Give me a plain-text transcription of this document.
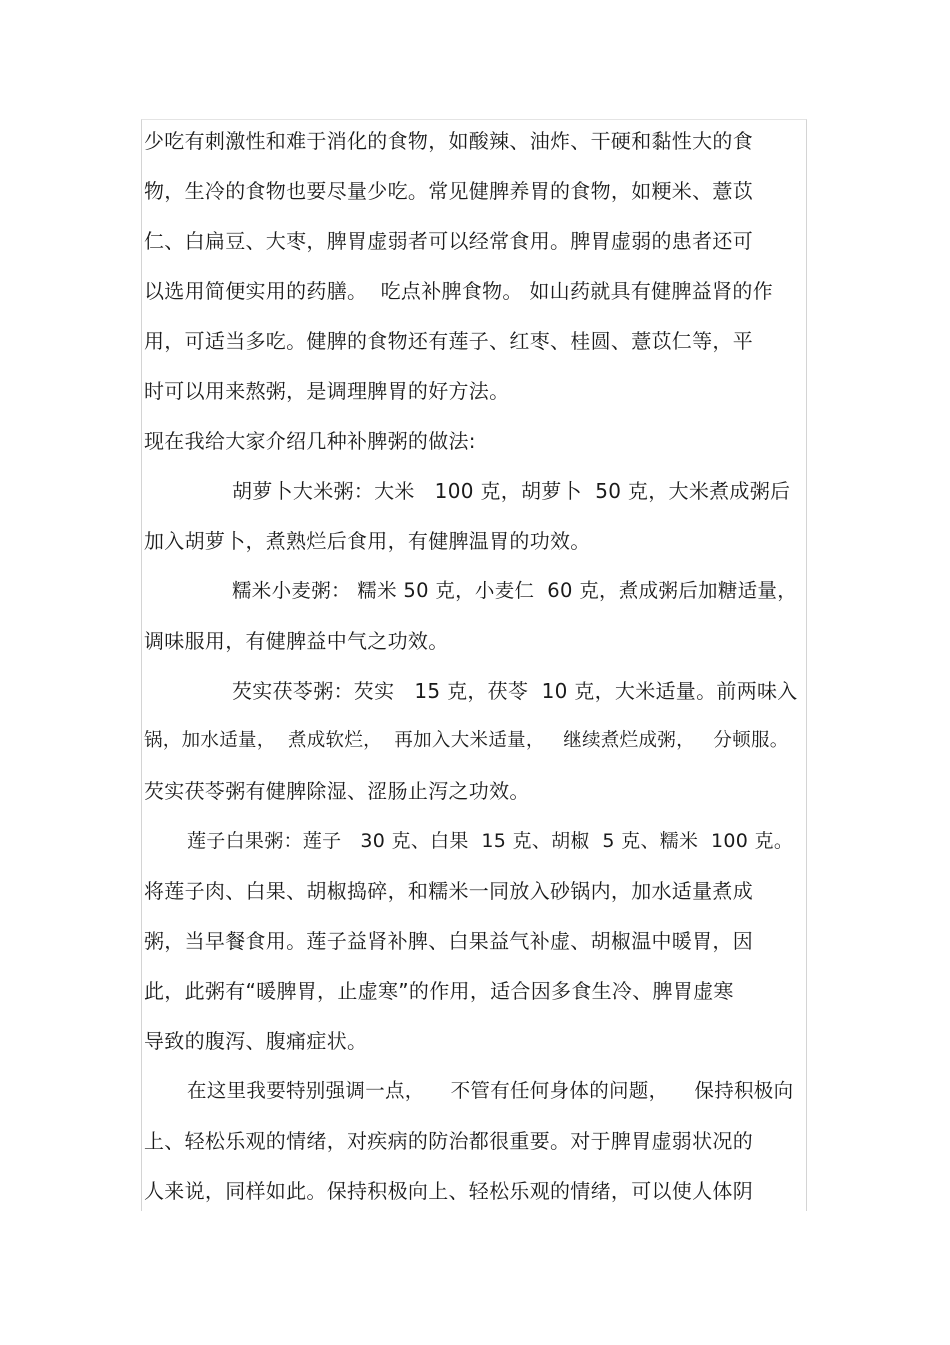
少吃有刺激性和难于消化的食物，如酸辣、油炸、干硬和黏性大的食
物，生冷的食物也要尽量少吃。常见健脾养胃的食物，如粳米、薏苡
仁、白扁豆、大枣，脾胃虚弱者可以经常食用。脾胃虚弱的患者还可
以选用简便实用的药膳。  吃点补脾食物。 如山药就具有健脾益肾的作
用，可适当多吃。健脾的食物还有莲子、红枣、桂圆、薏苡仁等，平
时可以用来熬粥，是调理脾胃的好方法。
现在我给大家介绍几种补脾粥的做法:
胡萝卜大米粥：大米   100 克，胡萝卜  50 克，大米煮成粥后
加入胡萝卜，煮熟烂后食用，有健脾温胃的功效。
糯米小麦粥： 糯米 50 克，小麦仁  60 克，煮成粥后加糖适量，
调味服用，有健脾益中气之功效。
芡实茯苓粥：芡实   15 克，茯苓  10 克，大米适量。前两味入
锅，加水适量，  煮成软烂，  再加入大米适量，   继续煮烂成粥，   分顿服。
芡实茯苓粥有健脾除湿、涩肠止泻之功效。
莲子白果粥：莲子   30 克、白果  15 克、胡椒  5 克、糯米  100 克。
将莲子肉、白果、胡椒捣碎，和糯米一同放入砂锅内，加水适量煮成
粥，当早餐食用。莲子益肾补脾、白果益气补虚、胡椒温中暖胃，因
此，此粥有“暖脾胃，止虚寒”的作用，适合因多食生冷、脾胃虚寒
导致的腹泻、腹痛症状。
在这里我要特别强调一点，    不管有任何身体的问题，    保持积极向
上、轻松乐观的情绪，对疾病的防治都很重要。对于脾胃虚弱状况的
人来说，同样如此。保持积极向上、轻松乐观的情绪，可以使人体阴
